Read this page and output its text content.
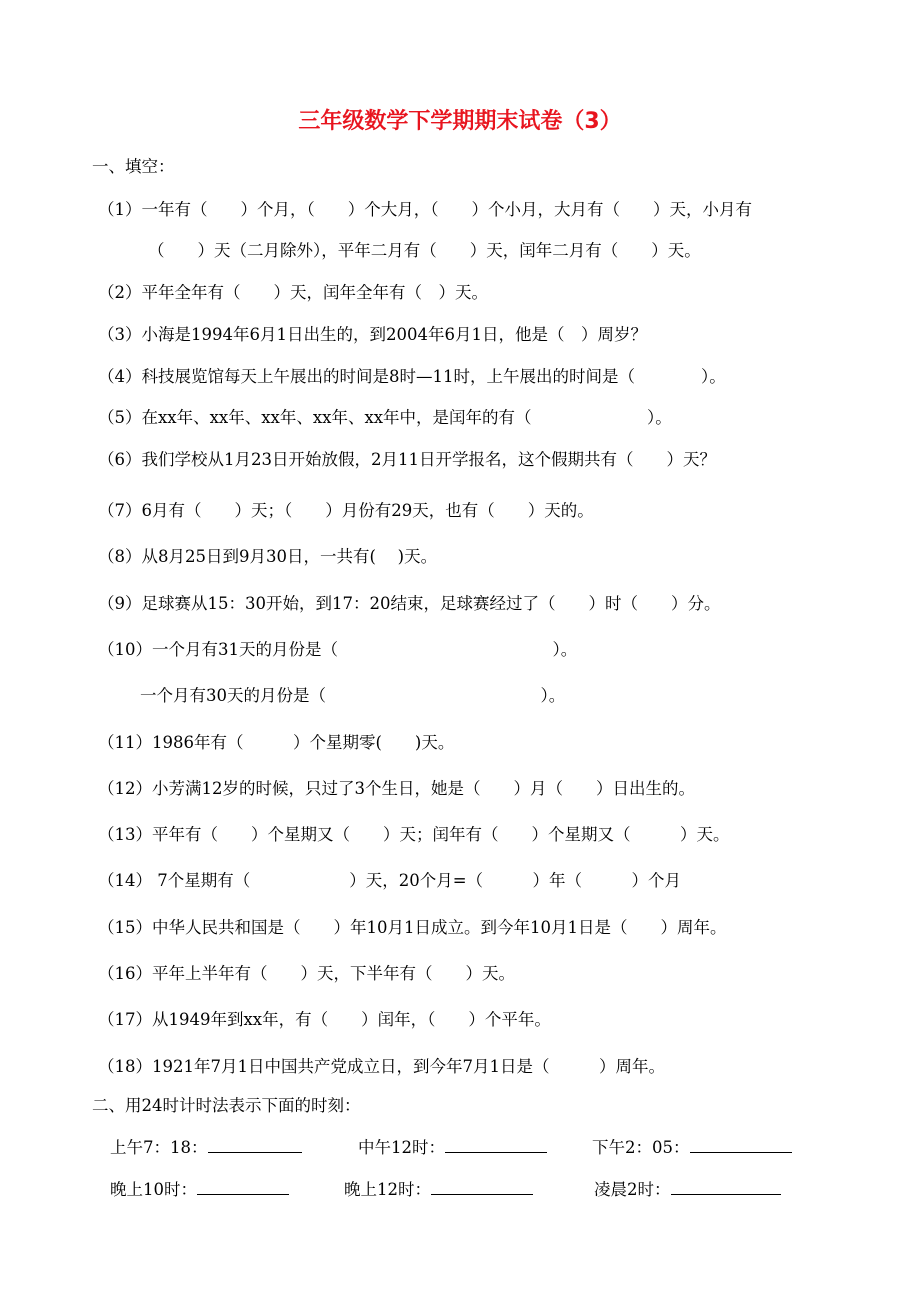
三年级数学下学期期末试卷（3）
一、填空：
（1）一年有（　　）个月，（　　）个大月，（　　）个小月，大月有（　　）天，小月有
（　　）天（二月除外），平年二月有（　　）天，闰年二月有（　　）天。
（2）平年全年有（　　）天，闰年全年有（　）天。
（3）小海是1994年6月1日出生的，到2004年6月1日，他是（　）周岁？
（4）科技展览馆每天上午展出的时间是8时—11时，上午展出的时间是（　　　　）。
（5）在xx年、xx年、xx年、xx年、xx年中，是闰年的有（　　　　　　　）。
（6）我们学校从1月23日开始放假，2月11日开学报名，这个假期共有（　　）天？
（7）6月有（　　）天；（　　）月份有29天，也有（　　）天的。
（8）从8月25日到9月30日，一共有(　 )天。
（9）足球赛从15：30开始，到17：20结束，足球赛经过了（　　）时（　　）分。
（10）一个月有31天的月份是（　　　　　　　　　　　　　）。
一个月有30天的月份是（　　　　　　　　　　　　　）。
（11）1986年有（　　　）个星期零(　　)天。
（12）小芳满12岁的时候，只过了3个生日，她是（　　）月（　　）日出生的。
（13）平年有（　　）个星期又（　　）天；闰年有（　　）个星期又（　　　）天。
（14） 7个星期有（　　　　　　）天，20个月=（　　　）年（　　　）个月
（15）中华人民共和国是（　　）年10月1日成立。到今年10月1日是（　　）周年。
（16）平年上半年有（　　）天，下半年有（　　）天。
（17）从1949年到xx年，有（　　）闰年，（　　）个平年。
（18）1921年7月1日中国共产党成立日，到今年7月1日是（　　　）周年。
二、用24时计时法表示下面的时刻：
上午7：18：	中午12时：	下午2：05：
晚上10时：	晚上12时：	凌晨2时：
